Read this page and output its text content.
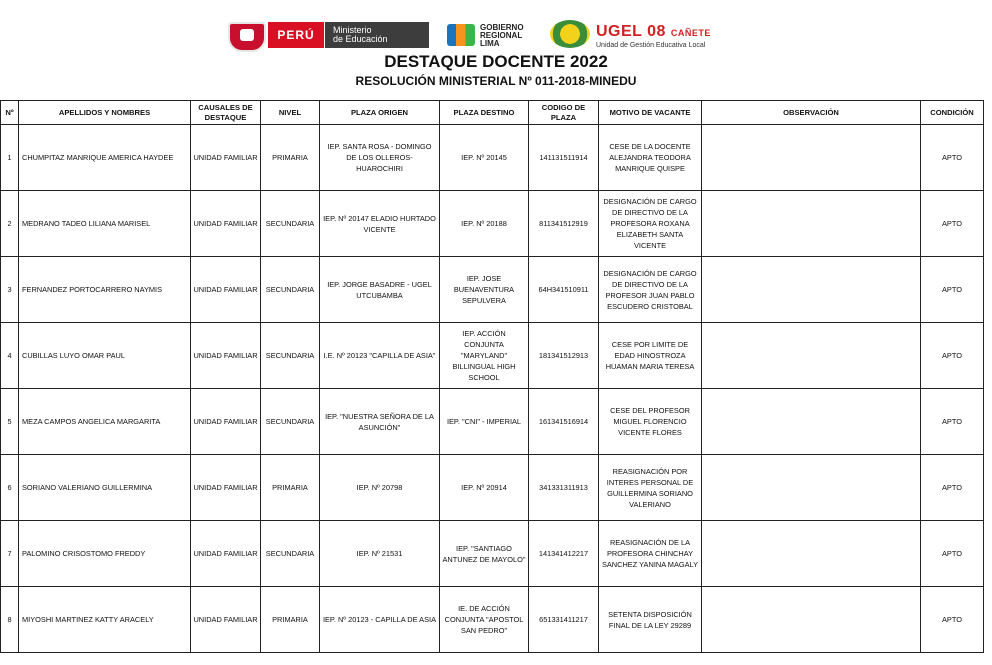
PERÚ	Ministerio
de Educación
GOBIERNO
REGIONAL
LIMA
UGEL 08 CAÑETE
Unidad de Gestión Educativa Local
DESTAQUE DOCENTE 2022
RESOLUCIÓN MINISTERIAL Nº 011-2018-MINEDU
Nº	APELLIDOS Y NOMBRES	CAUSALES DE DESTAQUE	NIVEL	PLAZA ORIGEN	PLAZA DESTINO	CODIGO DE PLAZA	MOTIVO DE VACANTE	OBSERVACIÓN	CONDICIÓN
1	CHUMPITAZ MANRIQUE AMERICA HAYDEE	UNIDAD FAMILIAR	PRIMARIA	IEP. SANTA ROSA - DOMINGO DE LOS OLLEROS- HUAROCHIRI	IEP. Nº 20145	141131511914	CESE DE LA DOCENTE ALEJANDRA TEODORA MANRIQUE QUISPE		APTO
2	MEDRANO TADEO LILIANA MARISEL	UNIDAD FAMILIAR	SECUNDARIA	IEP. Nº 20147 ELADIO HURTADO VICENTE	IEP. Nº 20188	811341512919	DESIGNACIÓN DE CARGO DE DIRECTIVO DE LA PROFESORA ROXANA ELIZABETH SANTA VICENTE		APTO
3	FERNANDEZ PORTOCARRERO NAYMIS	UNIDAD FAMILIAR	SECUNDARIA	IEP. JORGE BASADRE - UGEL UTCUBAMBA	IEP. JOSE BUENAVENTURA SEPULVERA	64H341510911	DESIGNACIÓN DE CARGO DE DIRECTIVO DE LA PROFESOR JUAN PABLO ESCUDERO CRISTOBAL		APTO
4	CUBILLAS LUYO OMAR PAUL	UNIDAD FAMILIAR	SECUNDARIA	I.E. Nº 20123 "CAPILLA DE ASIA"	IEP. ACCIÓN CONJUNTA "MARYLAND" BILLINGUAL HIGH SCHOOL	181341512913	CESE POR LIMITE DE EDAD HINOSTROZA HUAMAN MARIA TERESA		APTO
5	MEZA CAMPOS ANGELICA MARGARITA	UNIDAD FAMILIAR	SECUNDARIA	IEP. "NUESTRA SEÑORA DE LA ASUNCIÓN"	IEP. "CNI" - IMPERIAL	161341516914	CESE DEL PROFESOR MIGUEL FLORENCIO VICENTE FLORES		APTO
6	SORIANO VALERIANO GUILLERMINA	UNIDAD FAMILIAR	PRIMARIA	IEP. Nº 20798	IEP. Nº 20914	341331311913	REASIGNACIÓN POR INTERES PERSONAL DE GUILLERMINA SORIANO VALERIANO		APTO
7	PALOMINO CRISOSTOMO FREDDY	UNIDAD FAMILIAR	SECUNDARIA	IEP. Nº 21531	IEP. "SANTIAGO ANTUNEZ DE MAYOLO"	141341412217	REASIGNACIÓN DE LA PROFESORA CHINCHAY SANCHEZ YANINA MAGALY		APTO
8	MIYOSHI MARTINEZ KATTY ARACELY	UNIDAD FAMILIAR	PRIMARIA	IEP. Nº 20123 - CAPILLA DE ASIA	IE. DE ACCIÓN CONJUNTA "APOSTOL SAN PEDRO"	651331411217	SETENTA DISPOSICIÓN FINAL DE LA LEY 29289		APTO
